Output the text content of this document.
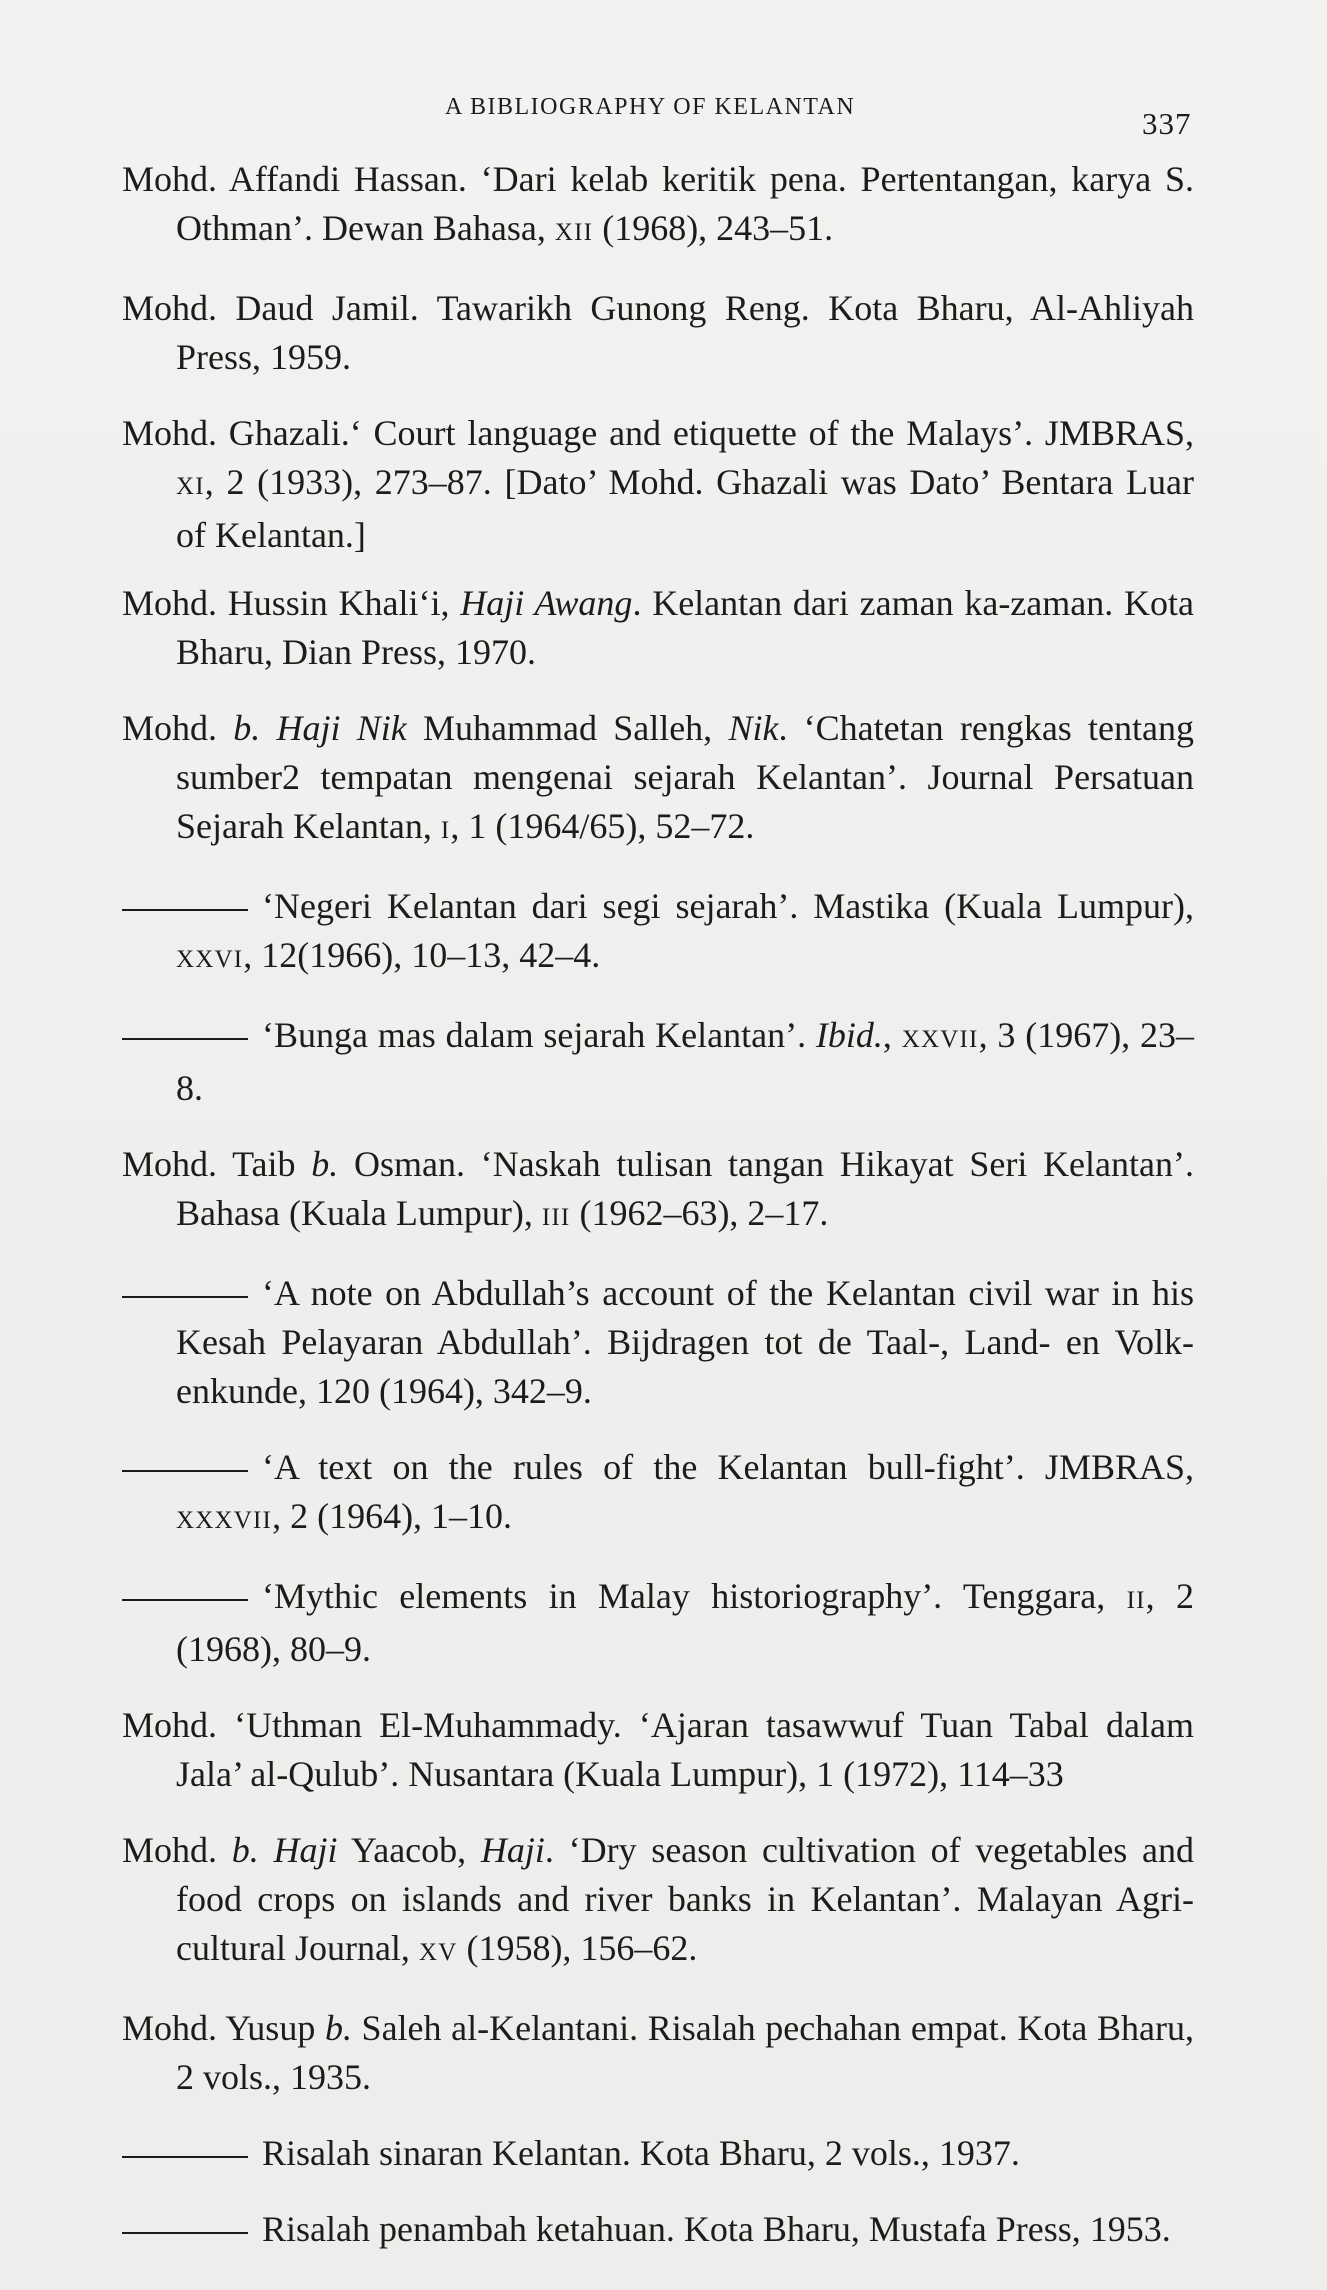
A BIBLIOGRAPHY OF KELANTAN	337
Mohd. Affandi Hassan. ‘Dari kelab keritik pena. Pertentangan, karya S. Othman’. Dewan Bahasa, XII (1968), 243–51.
Mohd. Daud Jamil. Tawarikh Gunong Reng. Kota Bharu, Al-Ahliyah Press, 1959.
Mohd. Ghazali.‘ Court language and etiquette of the Malays’. JMBRAS, XI, 2 (1933), 273–87. [Dato’ Mohd. Ghazali was Dato’ Bentara Luar of Kelantan.]
Mohd. Hussin Khali‘i, Haji Awang. Kelantan dari zaman ka-zaman. Kota Bharu, Dian Press, 1970.
Mohd. b. Haji Nik Muhammad Salleh, Nik. ‘Chatetan rengkas tentang sumber2 tempatan mengenai sejarah Kelantan’. Journal Persatuan Sejarah Kelantan, I, 1 (1964/65), 52–72.
‘Negeri Kelantan dari segi sejarah’. Mastika (Kuala Lumpur), XXVI, 12(1966), 10–13, 42–4.
‘Bunga mas dalam sejarah Kelantan’. Ibid., XXVII, 3 (1967), 23–8.
Mohd. Taib b. Osman. ‘Naskah tulisan tangan Hikayat Seri Kelantan’. Bahasa (Kuala Lumpur), III (1962–63), 2–17.
‘A note on Abdullah’s account of the Kelantan civil war in his Kesah Pelayaran Abdullah’. Bijdragen tot de Taal-, Land- en Volkenkunde, 120 (1964), 342–9.
‘A text on the rules of the Kelantan bull-fight’. JMBRAS, XXXVII, 2 (1964), 1–10.
‘Mythic elements in Malay historiography’. Tenggara, II, 2 (1968), 80–9.
Mohd. ‘Uthman El-Muhammady. ‘Ajaran tasawwuf Tuan Tabal dalam Jala’ al-Qulub’. Nusantara (Kuala Lumpur), 1 (1972), 114–33
Mohd. b. Haji Yaacob, Haji. ‘Dry season cultivation of vegetables and food crops on islands and river banks in Kelantan’. Malayan Agricultural Journal, XV (1958), 156–62.
Mohd. Yusup b. Saleh al-Kelantani. Risalah pechahan empat. Kota Bharu, 2 vols., 1935.
Risalah sinaran Kelantan. Kota Bharu, 2 vols., 1937.
Risalah penambah ketahuan. Kota Bharu, Mustafa Press, 1953.
